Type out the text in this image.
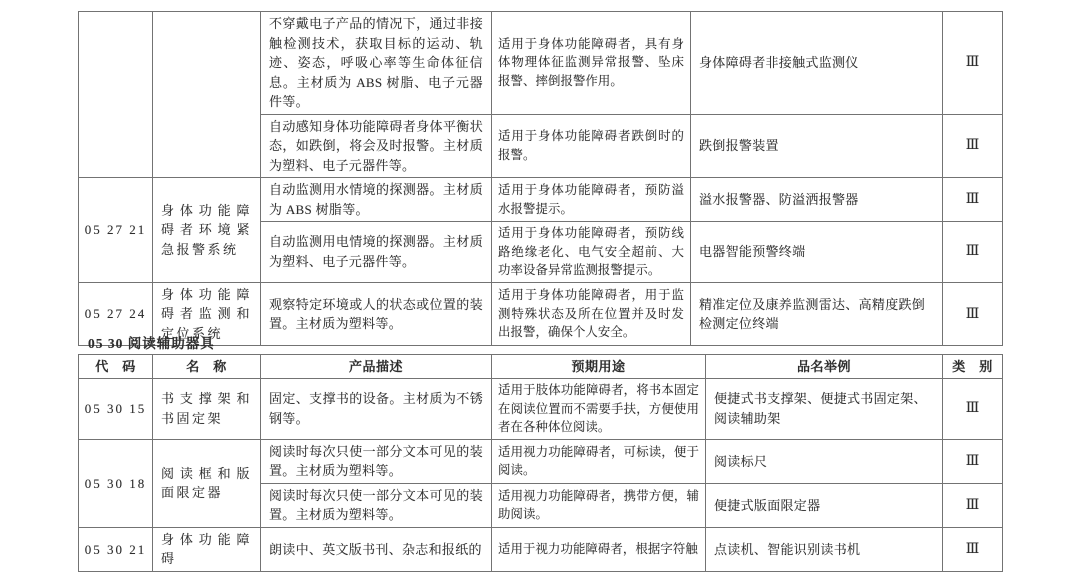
		不穿戴电子产品的情况下，通过非接触检测技术，获取目标的运动、轨迹、姿态，呼吸心率等生命体征信息。主材质为 ABS 树脂、电子元器件等。	适用于身体功能障碍者，具有身体物理体征监测异常报警、坠床报警、摔倒报警作用。	身体障碍者非接触式监测仪	Ⅲ
		自动感知身体功能障碍者身体平衡状态，如跌倒，将会及时报警。主材质为塑料、电子元器件等。	适用于身体功能障碍者跌倒时的报警。	跌倒报警装置	Ⅲ
05 27 21	身体功能障碍者环境紧急报警系统	自动监测用水情境的探测器。主材质为 ABS 树脂等。	适用于身体功能障碍者，预防溢水报警提示。	溢水报警器、防溢洒报警器	Ⅲ
		自动监测用电情境的探测器。主材质为塑料、电子元器件等。	适用于身体功能障碍者，预防线路绝缘老化、电气安全超前、大功率设备异常监测报警提示。	电器智能预警终端	Ⅲ
05 27 24	身体功能障碍者监测和定位系统	观察特定环境或人的状态或位置的装置。主材质为塑料等。	适用于身体功能障碍者，用于监测特殊状态及所在位置并及时发出报警，确保个人安全。	精准定位及康养监测雷达、高精度跌倒检测定位终端	Ⅲ
05 30 阅读辅助器具
代　码	名　称	产品描述	预期用途	品名举例	类　别
05 30 15	书支撑架和书固定架	固定、支撑书的设备。主材质为不锈钢等。	适用于肢体功能障碍者，将书本固定在阅读位置而不需要手扶，方便使用者在各种体位阅读。	便捷式书支撑架、便捷式书固定架、阅读辅助架	Ⅲ
05 30 18	阅读框和版面限定器	阅读时每次只使一部分文本可见的装置。主材质为塑料等。	适用视力功能障碍者，可标读，便于阅读。	阅读标尺	Ⅲ
		阅读时每次只使一部分文本可见的装置。主材质为塑料等。	适用视力功能障碍者，携带方便，辅助阅读。	便捷式版面限定器	Ⅲ
05 30 21	身体功能障碍	朗读中、英文版书刊、杂志和报纸的	适用于视力功能障碍者，根据字符触	点读机、智能识别读书机	Ⅲ
